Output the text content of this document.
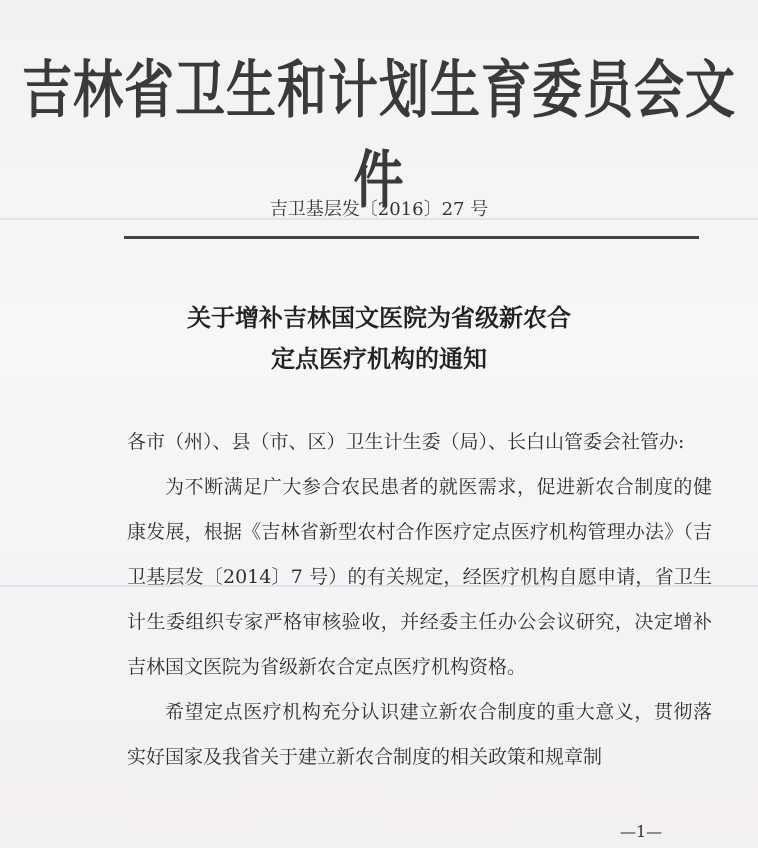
吉林省卫生和计划生育委员会文件
吉卫基层发〔2016〕27 号
关于增补吉林国文医院为省级新农合
定点医疗机构的通知

各市（州）、县（市、区）卫生计生委（局）、长白山管委会社管办:

为不断满足广大参合农民患者的就医需求，促进新农合制度的健康发展，根据《吉林省新型农村合作医疗定点医疗机构管理办法》（吉卫基层发〔2014〕7 号）的有关规定，经医疗机构自愿申请，省卫生计生委组织专家严格审核验收，并经委主任办公会议研究，决定增补吉林国文医院为省级新农合定点医疗机构资格。

希望定点医疗机构充分认识建立新农合制度的重大意义，贯彻落实好国家及我省关于建立新农合制度的相关政策和规章制

—1—
